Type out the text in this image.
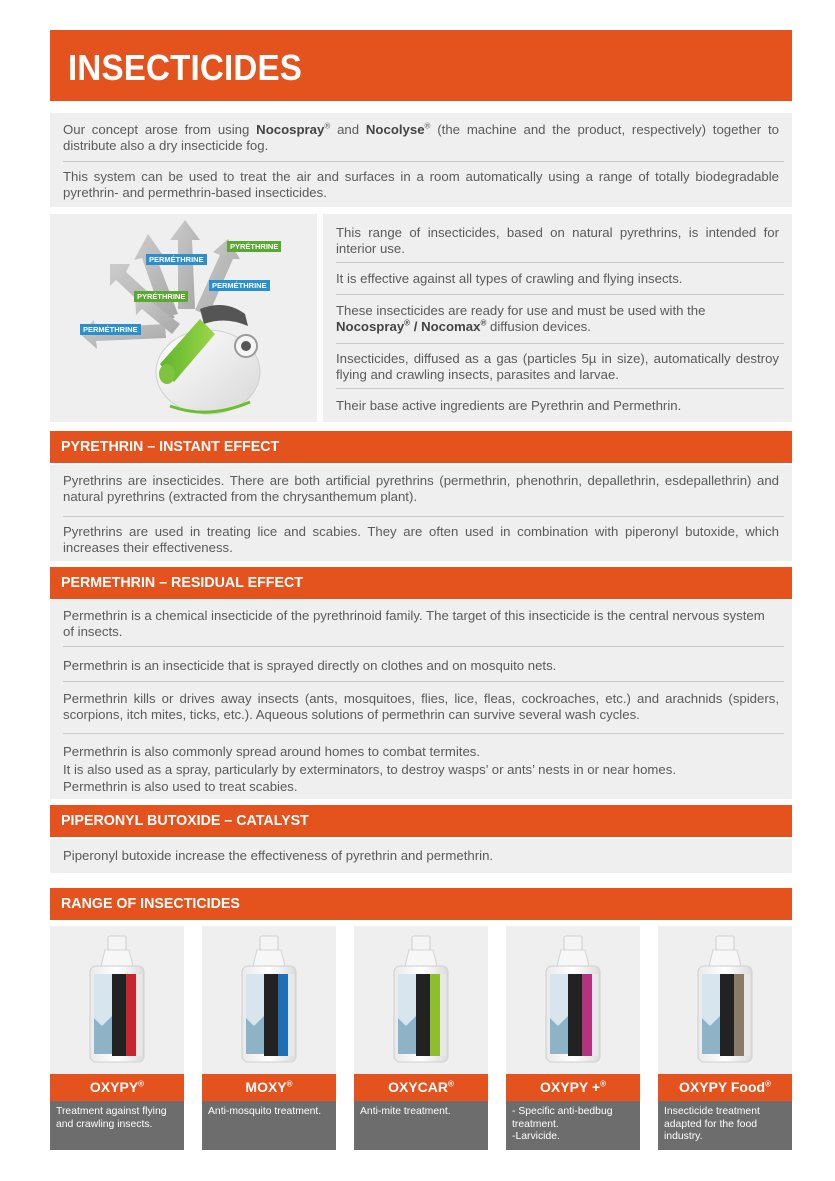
INSECTICIDES

Our concept arose from using Nocospray® and Nocolyse® (the machine and the product, respectively) together to distribute also a dry insecticide fog.

This system can be used to treat the air and surfaces in a room automatically using a range of totally biodegradable pyrethrin- and permethrin-based insecticides.

PYRÉTHRINE
PERMÉTHRINE
PERMÉTHRINE
PYRÉTHRINE
PERMÉTHRINE

This range of insecticides, based on natural pyrethrins, is intended for interior use.

It is effective against all types of crawling and flying insects.

These insecticides are ready for use and must be used with the Nocospray® / Nocomax® diffusion devices.

Insecticides, diffused as a gas (particles 5µ in size), automatically destroy flying and crawling insects, parasites and larvae.

Their base active ingredients are Pyrethrin and Permethrin.

PYRETHRIN – INSTANT EFFECT

Pyrethrins are insecticides. There are both artificial pyrethrins (permethrin, phenothrin, depallethrin, esdepallethrin) and natural pyrethrins (extracted from the chrysanthemum plant).

Pyrethrins are used in treating lice and scabies. They are often used in combination with piperonyl butoxide, which increases their effectiveness.

PERMETHRIN – RESIDUAL EFFECT

Permethrin is a chemical insecticide of the pyrethrinoid family. The target of this insecticide is the central nervous system of insects.

Permethrin is an insecticide that is sprayed directly on clothes and on mosquito nets.

Permethrin kills or drives away insects (ants, mosquitoes, flies, lice, fleas, cockroaches, etc.) and arachnids (spiders, scorpions, itch mites, ticks, etc.). Aqueous solutions of permethrin can survive several wash cycles.

Permethrin is also commonly spread around homes to combat termites.
It is also used as a spray, particularly by exterminators, to destroy wasps’ or ants’ nests in or near homes.
Permethrin is also used to treat scabies.
PIPERONYL BUTOXIDE – CATALYST

Piperonyl butoxide increase the effectiveness of pyrethrin and permethrin.

RANGE OF INSECTICIDES
OXYPY®
Treatment against flying and crawling insects.
MOXY®
Anti-mosquito treatment.
OXYCAR®
Anti-mite treatment.
OXYPY +®
- Specific anti-bedbug treatment.
-Larvicide.
OXYPY Food®
Insecticide treatment adapted for the food industry.
